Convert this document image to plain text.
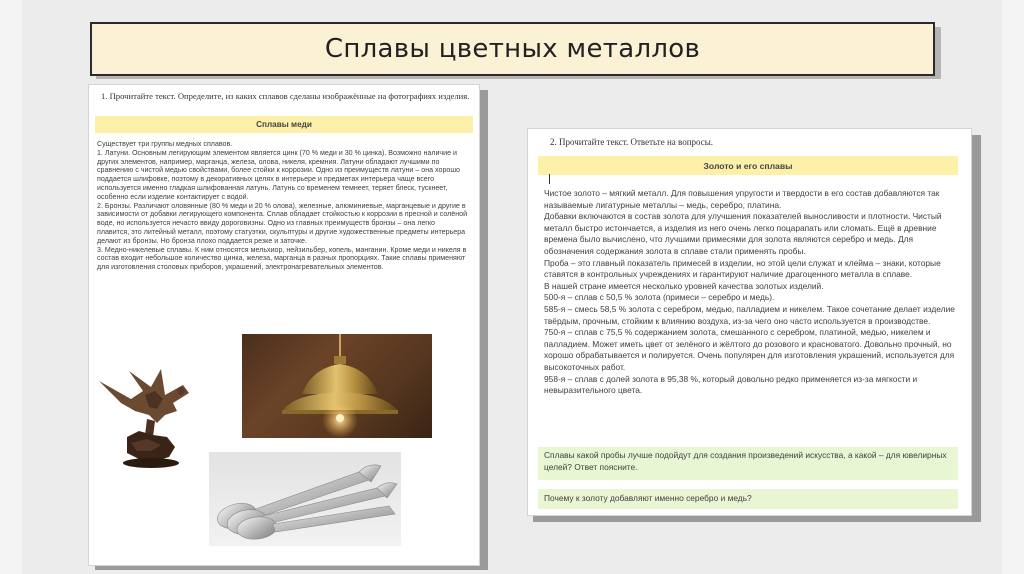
Сплавы цветных металлов
1. Прочитайте текст. Определите, из каких сплавов сделаны изображённые на фотографиях изделия.
Сплавы меди

Существует три группы медных сплавов.

1. Латуни. Основным легирующим элементом является цинк (70 % меди и 30 % цинка). Возможно наличие и других элементов, например, марганца, железа, олова, никеля, кремния. Латуни обладают лучшими по сравнению с чистой медью свойствами, более стойки к коррозии. Одно из преимуществ латуни – она хорошо поддается шлифовке, поэтому в декоративных целях в интерьере и предметах интерьера чаще всего используется именно гладкая шлифованная латунь. Латунь со временем темнеет, теряет блеск, тускнеет, особенно если изделие контактирует с водой.

2. Бронзы. Различают оловянные (80 % меди и 20 % олова), железные, алюминиевые, марганцевые и другие в зависимости от добавки легирующего компонента. Сплав обладает стойкостью к коррозии в пресной и солёной воде, но используется нечасто ввиду дороговизны. Одно из главных преимуществ бронзы – она легко плавится, это литейный металл, поэтому статуэтки, скульптуры и другие художественные предметы интерьера делают из бронзы. Но бронза плохо поддается резке и заточке.

3. Медно-никелевые сплавы. К ним относятся мельхиор, нейзильбер, копель, манганин. Кроме меди и никеля в состав входит небольшое количество цинка, железа, марганца в разных пропорциях. Такие сплавы применяют для изготовления столовых приборов, украшений, электронагревательных элементов.

2. Прочитайте текст. Ответьте на вопросы.
Золото и его сплавы

Чистое золото – мягкий металл. Для повышения упругости и твердости в его состав добавляются так называемые лигатурные металлы – медь, серебро, платина.

Добавки включаются в состав золота для улучшения показателей выносливости и плотности. Чистый металл быстро истончается, а изделия из него очень легко поцарапать или сломать. Ещё в древние времена было вычислено, что лучшими примесями для золота являются серебро и медь. Для обозначения содержания золота в сплаве стали применять пробы.

Проба – это главный показатель примесей в изделии, но этой цели служат и клейма – знаки, которые ставятся в контрольных учреждениях и гарантируют наличие драгоценного металла в сплаве.

В нашей стране имеется несколько уровней качества золотых изделий.

500-я – сплав с 50,5 % золота (примеси – серебро и медь).

585-я – смесь 58,5 % золота с серебром, медью, палладием и никелем. Такое сочетание делает изделие твёрдым, прочным, стойким к влиянию воздуха, из-за чего оно часто используется в производстве.

750-я – сплав с 75,5 % содержанием золота, смешанного с серебром, платиной, медью, никелем и палладием. Может иметь цвет от зелёного и жёлтого до розового и красноватого. Довольно прочный, но хорошо обрабатывается и полируется. Очень популярен для изготовления украшений, используется для высокоточных работ.

958-я – сплав с долей золота в 95,38 %, который довольно редко применяется из-за мягкости и невыразительного цвета.

Сплавы какой пробы лучше подойдут для создания произведений искусства, а какой – для ювелирных целей? Ответ поясните.
Почему к золоту добавляют именно серебро и медь?
